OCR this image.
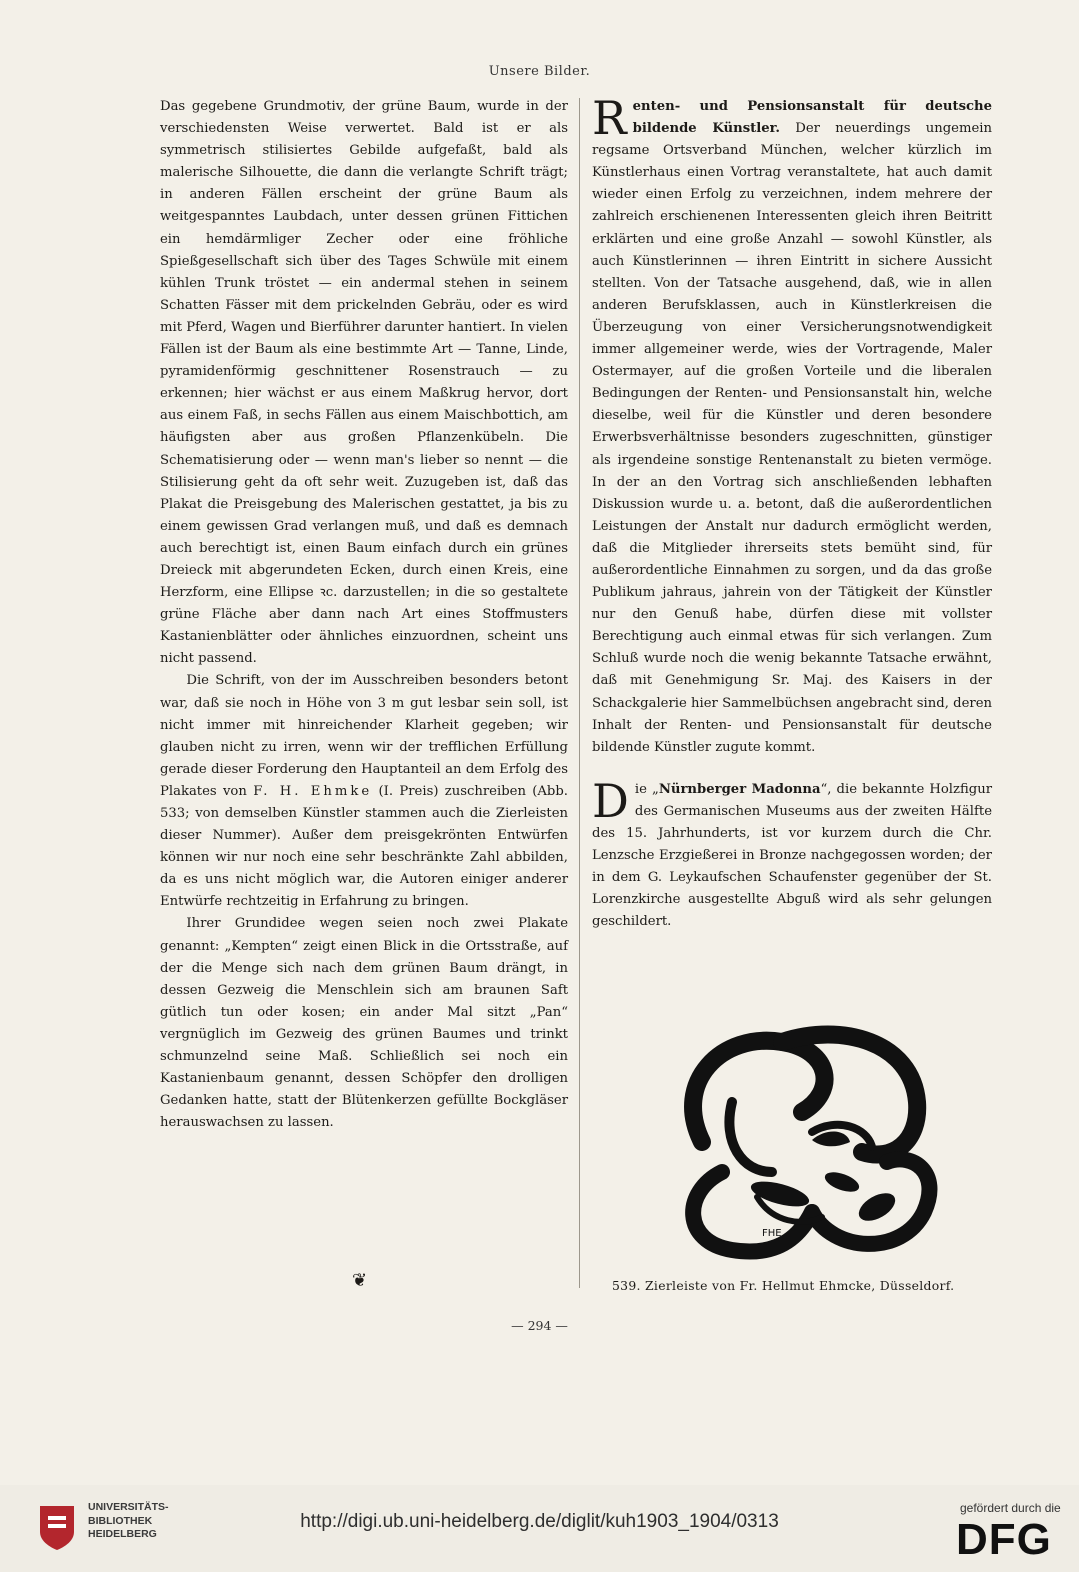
Unsere Bilder.

Das gegebene Grundmotiv, der grüne Baum, wurde in der verschiedensten Weise verwertet. Bald ist er als symmetrisch stilisiertes Gebilde aufgefaßt, bald als malerische Silhouette, die dann die verlangte Schrift trägt; in anderen Fällen erscheint der grüne Baum als weitgespanntes Laubdach, unter dessen grünen Fittichen ein hemdärmliger Zecher oder eine fröhliche Spießgesellschaft sich über des Tages Schwüle mit einem kühlen Trunk tröstet — ein andermal stehen in seinem Schatten Fässer mit dem prickelnden Gebräu, oder es wird mit Pferd, Wagen und Bierführer darunter hantiert. In vielen Fällen ist der Baum als eine bestimmte Art — Tanne, Linde, pyramidenförmig geschnittener Rosenstrauch — zu erkennen; hier wächst er aus einem Maßkrug hervor, dort aus einem Faß, in sechs Fällen aus einem Maischbottich, am häufigsten aber aus großen Pflanzenkübeln. Die Schematisierung oder — wenn man's lieber so nennt — die Stilisierung geht da oft sehr weit. Zuzugeben ist, daß das Plakat die Preisgebung des Malerischen gestattet, ja bis zu einem gewissen Grad verlangen muß, und daß es demnach auch berechtigt ist, einen Baum einfach durch ein grünes Dreieck mit abgerundeten Ecken, durch einen Kreis, eine Herzform, eine Ellipse ꝛc. darzustellen; in die so gestaltete grüne Fläche aber dann nach Art eines Stoffmusters Kastanienblätter oder ähnliches einzuordnen, scheint uns nicht passend.

Die Schrift, von der im Ausschreiben besonders betont war, daß sie noch in Höhe von 3 m gut lesbar sein soll, ist nicht immer mit hinreichender Klarheit gegeben; wir glauben nicht zu irren, wenn wir der trefflichen Erfüllung gerade dieser Forderung den Hauptanteil an dem Erfolg des Plakates von F. H. Ehmke (I. Preis) zuschreiben (Abb. 533; von demselben Künstler stammen auch die Zierleisten dieser Nummer). Außer dem preisgekrönten Entwürfen können wir nur noch eine sehr beschränkte Zahl abbilden, da es uns nicht möglich war, die Autoren einiger anderer Entwürfe rechtzeitig in Erfahrung zu bringen.

Ihrer Grundidee wegen seien noch zwei Plakate genannt: „Kempten“ zeigt einen Blick in die Ortsstraße, auf der die Menge sich nach dem grünen Baum drängt, in dessen Gezweig die Menschlein sich am braunen Saft gütlich tun oder kosen; ein ander Mal sitzt „Pan“ vergnüglich im Gezweig des grünen Baumes und trinkt schmunzelnd seine Maß. Schließlich sei noch ein Kastanienbaum genannt, dessen Schöpfer den drolligen Gedanken hatte, statt der Blütenkerzen gefüllte Bockgläser herauswachsen zu lassen.

❦

Renten- und Pensionsanstalt für deutsche bildende Künstler. Der neuerdings ungemein regsame Ortsverband München, welcher kürzlich im Künstlerhaus einen Vortrag veranstaltete, hat auch damit wieder einen Erfolg zu verzeichnen, indem mehrere der zahlreich erschienenen Interessenten gleich ihren Beitritt erklärten und eine große Anzahl — sowohl Künstler, als auch Künstlerinnen — ihren Eintritt in sichere Aussicht stellten. Von der Tatsache ausgehend, daß, wie in allen anderen Berufsklassen, auch in Künstlerkreisen die Überzeugung von einer Versicherungsnotwendigkeit immer allgemeiner werde, wies der Vortragende, Maler Ostermayer, auf die großen Vorteile und die liberalen Bedingungen der Renten- und Pensionsanstalt hin, welche dieselbe, weil für die Künstler und deren besondere Erwerbsverhältnisse besonders zugeschnitten, günstiger als irgendeine sonstige Rentenanstalt zu bieten vermöge. In der an den Vortrag sich anschließenden lebhaften Diskussion wurde u. a. betont, daß die außerordentlichen Leistungen der Anstalt nur dadurch ermöglicht werden, daß die Mitglieder ihrerseits stets bemüht sind, für außerordentliche Einnahmen zu sorgen, und da das große Publikum jahraus, jahrein von der Tätigkeit der Künstler nur den Genuß habe, dürfen diese mit vollster Berechtigung auch einmal etwas für sich verlangen. Zum Schluß wurde noch die wenig bekannte Tatsache erwähnt, daß mit Genehmigung Sr. Maj. des Kaisers in der Schackgalerie hier Sammelbüchsen angebracht sind, deren Inhalt der Renten- und Pensionsanstalt für deutsche bildende Künstler zugute kommt.

Die „Nürnberger Madonna“, die bekannte Holzfigur des Germanischen Museums aus der zweiten Hälfte des 15. Jahrhunderts, ist vor kurzem durch die Chr. Lenzsche Erzgießerei in Bronze nachgegossen worden; der in dem G. Leykaufschen Schaufenster gegenüber der St. Lorenzkirche ausgestellte Abguß wird als sehr gelungen geschildert.

FHE
539. Zierleiste von Fr. Hellmut Ehmcke, Düsseldorf.
— 294 —
UNIVERSITÄTS-
BIBLIOTHEK
HEIDELBERG
http://digi.ub.uni-heidelberg.de/diglit/kuh1903_1904/0313
gefördert durch die
DFG
